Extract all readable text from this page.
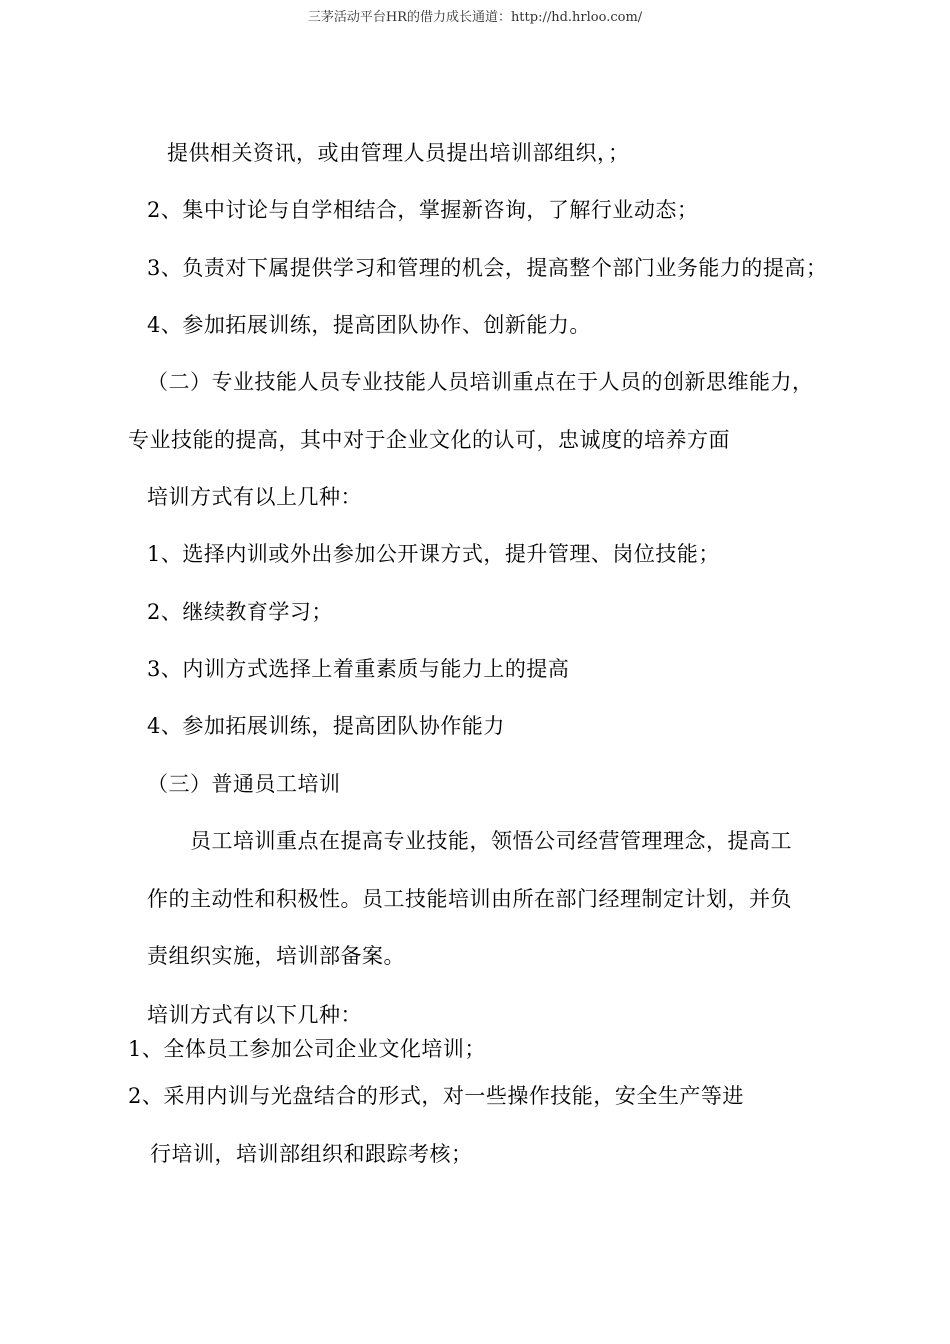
三茅活动平台HR的借力成长通道：http://hd.hrloo.com/
提供相关资讯，或由管理人员提出培训部组织，；
2、集中讨论与自学相结合，掌握新咨询，了解行业动态；
3、负责对下属提供学习和管理的机会，提高整个部门业务能力的提高；
4、参加拓展训练，提高团队协作、创新能力。
（二）专业技能人员专业技能人员培训重点在于人员的创新思维能力，
专业技能的提高，其中对于企业文化的认可，忠诚度的培养方面
培训方式有以上几种：
1、选择内训或外出参加公开课方式，提升管理、岗位技能；
2、继续教育学习；
3、内训方式选择上着重素质与能力上的提高
4、参加拓展训练，提高团队协作能力
（三）普通员工培训
员工培训重点在提高专业技能，领悟公司经营管理理念，提高工
作的主动性和积极性。员工技能培训由所在部门经理制定计划，并负
责组织实施，培训部备案。
培训方式有以下几种：
1、全体员工参加公司企业文化培训；
2、采用内训与光盘结合的形式，对一些操作技能，安全生产等进
行培训，培训部组织和跟踪考核；
